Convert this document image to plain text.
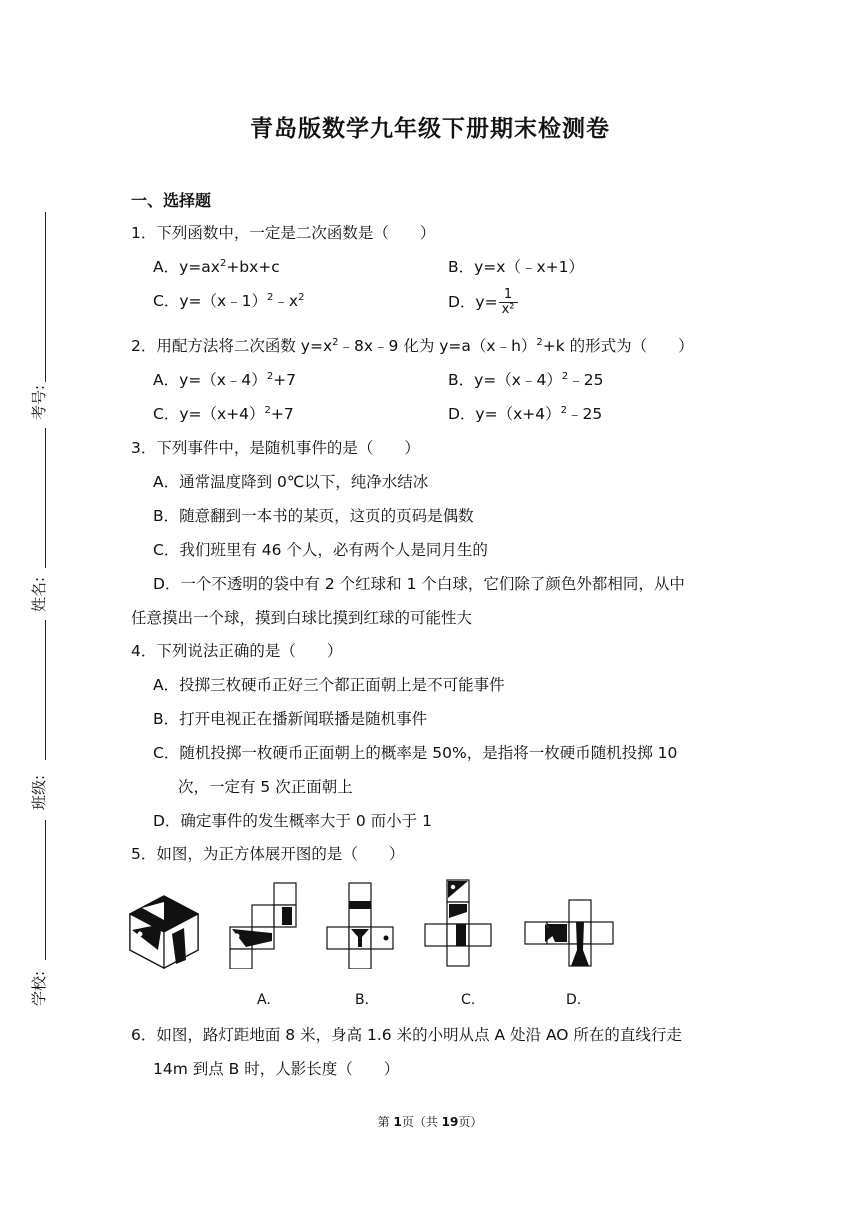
青岛版数学九年级下册期末检测卷
考号:
姓名:
班级:
学校:
一、选择题
1．下列函数中，一定是二次函数是（　　）
A．$y=ax^2+bx+c$	B．y=x（﹣x+1）
C．$y=(x﹣1)^2﹣x^2$	D．$y= \frac{1}{\text{x²}}$
2．用配方法将二次函数 $y=x^2﹣8x﹣9$ 化为 y=a（x﹣h）$^2$+k 的形式为（　　）
A．y=（x﹣4）$^2$+7	B．y=（x﹣4）$^2$﹣25
C．$y=(x+4)^2+7$	D．$y=(x+4)^2﹣25$
3．下列事件中，是随机事件的是（　　）
A．通常温度降到 0℃以下，纯净水结冰
B．随意翻到一本书的某页，这页的页码是偶数
C．我们班里有 46 个人，必有两个人是同月生的
D．一个不透明的袋中有 2 个红球和 1 个白球，它们除了颜色外都相同，从中
任意摸出一个球，摸到白球比摸到红球的可能性大
4．下列说法正确的是（　　）
A．投掷三枚硬币正好三个都正面朝上是不可能事件
B．打开电视正在播新闻联播是随机事件
C．随机投掷一枚硬币正面朝上的概率是 50%，是指将一枚硬币随机投掷 10
次，一定有 5 次正面朝上
D．确定事件的发生概率大于 0 而小于 1
5．如图，为正方体展开图的是（　　）
A.	B.	C.	D.
6．如图，路灯距地面 8 米，身高 1.6 米的小明从点 A 处沿 AO 所在的直线行走
14m 到点 B 时，人影长度（　　）
第 1页（共 19页）
